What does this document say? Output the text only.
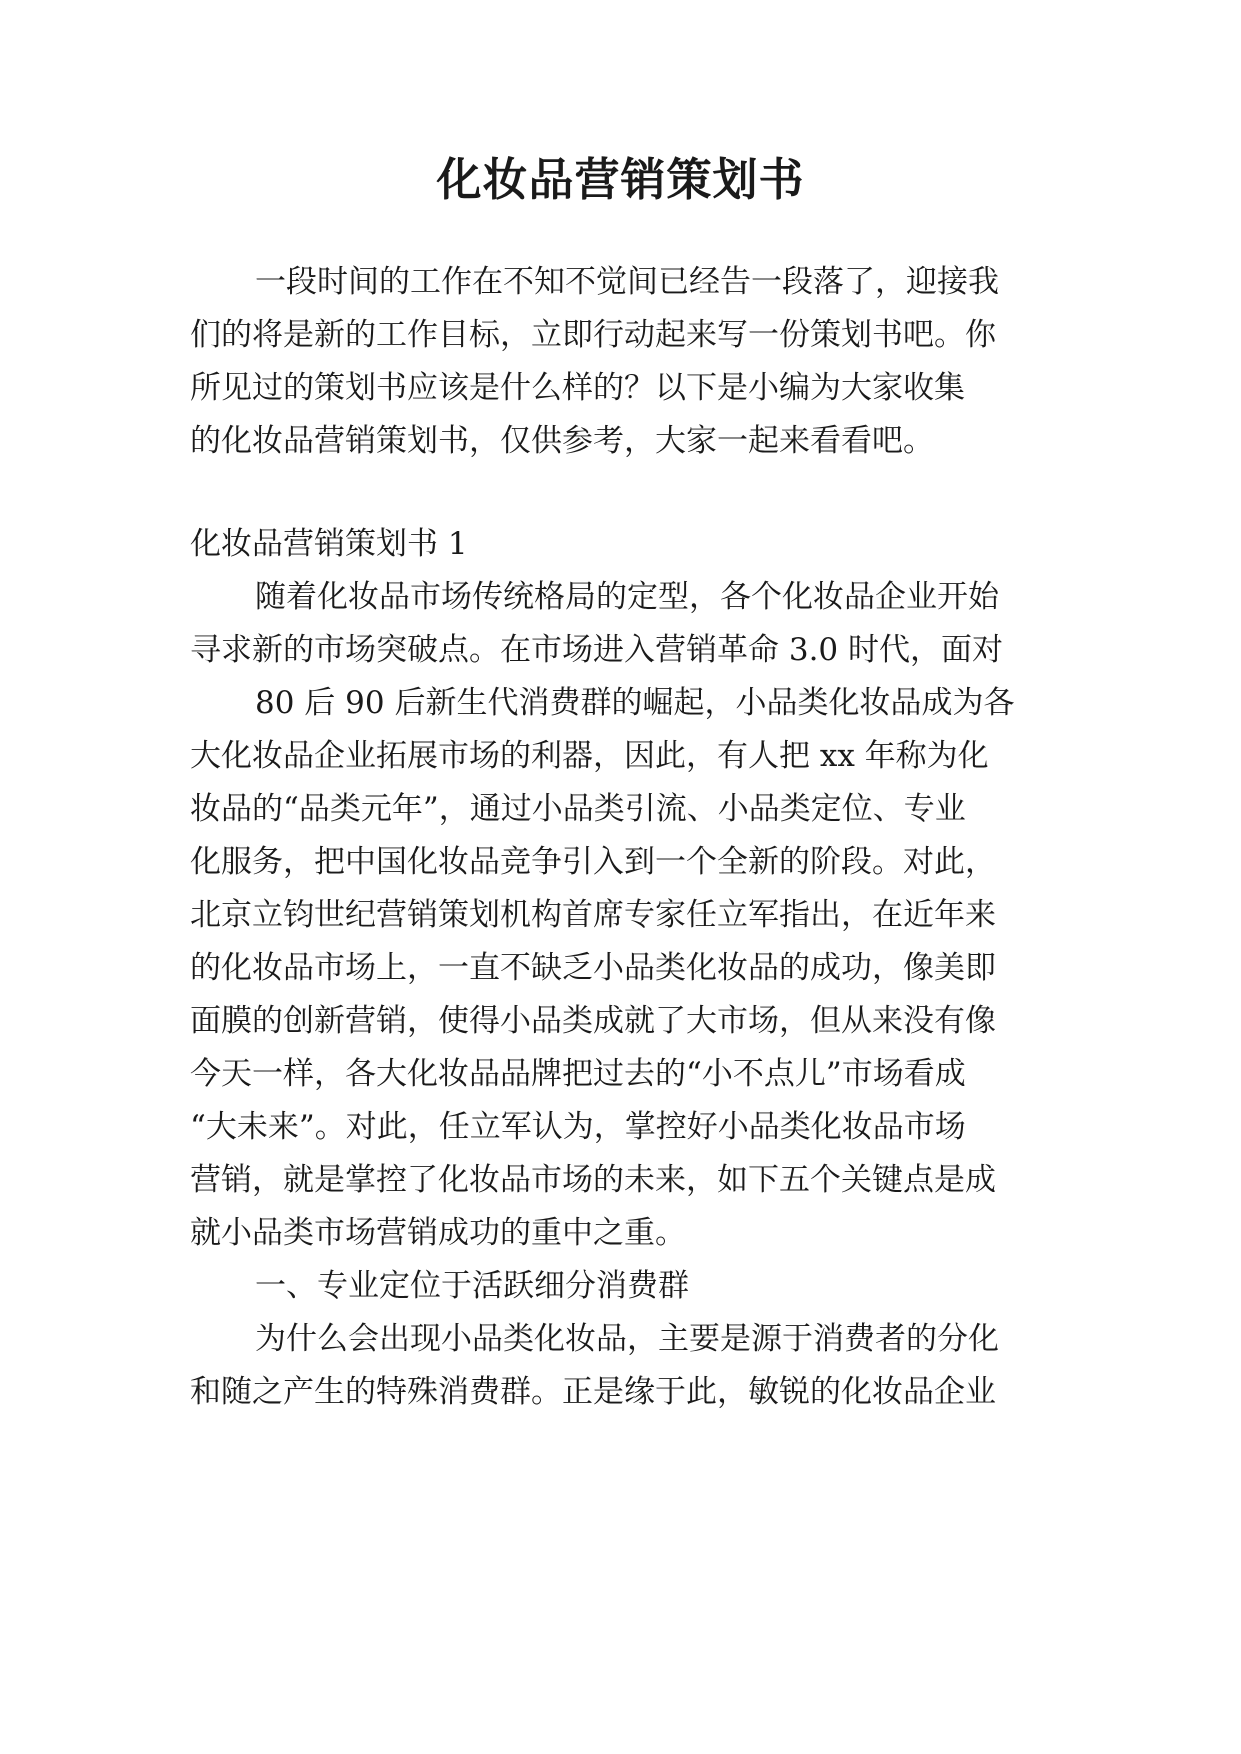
化妆品营销策划书
一段时间的工作在不知不觉间已经告一段落了，迎接我
们的将是新的工作目标，立即行动起来写一份策划书吧。你
所见过的策划书应该是什么样的？以下是小编为大家收集
的化妆品营销策划书，仅供参考，大家一起来看看吧。
化妆品营销策划书 1
随着化妆品市场传统格局的定型，各个化妆品企业开始
寻求新的市场突破点。在市场进入营销革命 3.0 时代，面对
80 后 90 后新生代消费群的崛起，小品类化妆品成为各
大化妆品企业拓展市场的利器，因此，有人把 xx 年称为化
妆品的“品类元年”，通过小品类引流、小品类定位、专业
化服务，把中国化妆品竞争引入到一个全新的阶段。对此，
北京立钧世纪营销策划机构首席专家任立军指出，在近年来
的化妆品市场上，一直不缺乏小品类化妆品的成功，像美即
面膜的创新营销，使得小品类成就了大市场，但从来没有像
今天一样，各大化妆品品牌把过去的“小不点儿”市场看成
“大未来”。对此，任立军认为，掌控好小品类化妆品市场
营销，就是掌控了化妆品市场的未来，如下五个关键点是成
就小品类市场营销成功的重中之重。
一、专业定位于活跃细分消费群
为什么会出现小品类化妆品，主要是源于消费者的分化
和随之产生的特殊消费群。正是缘于此，敏锐的化妆品企业
